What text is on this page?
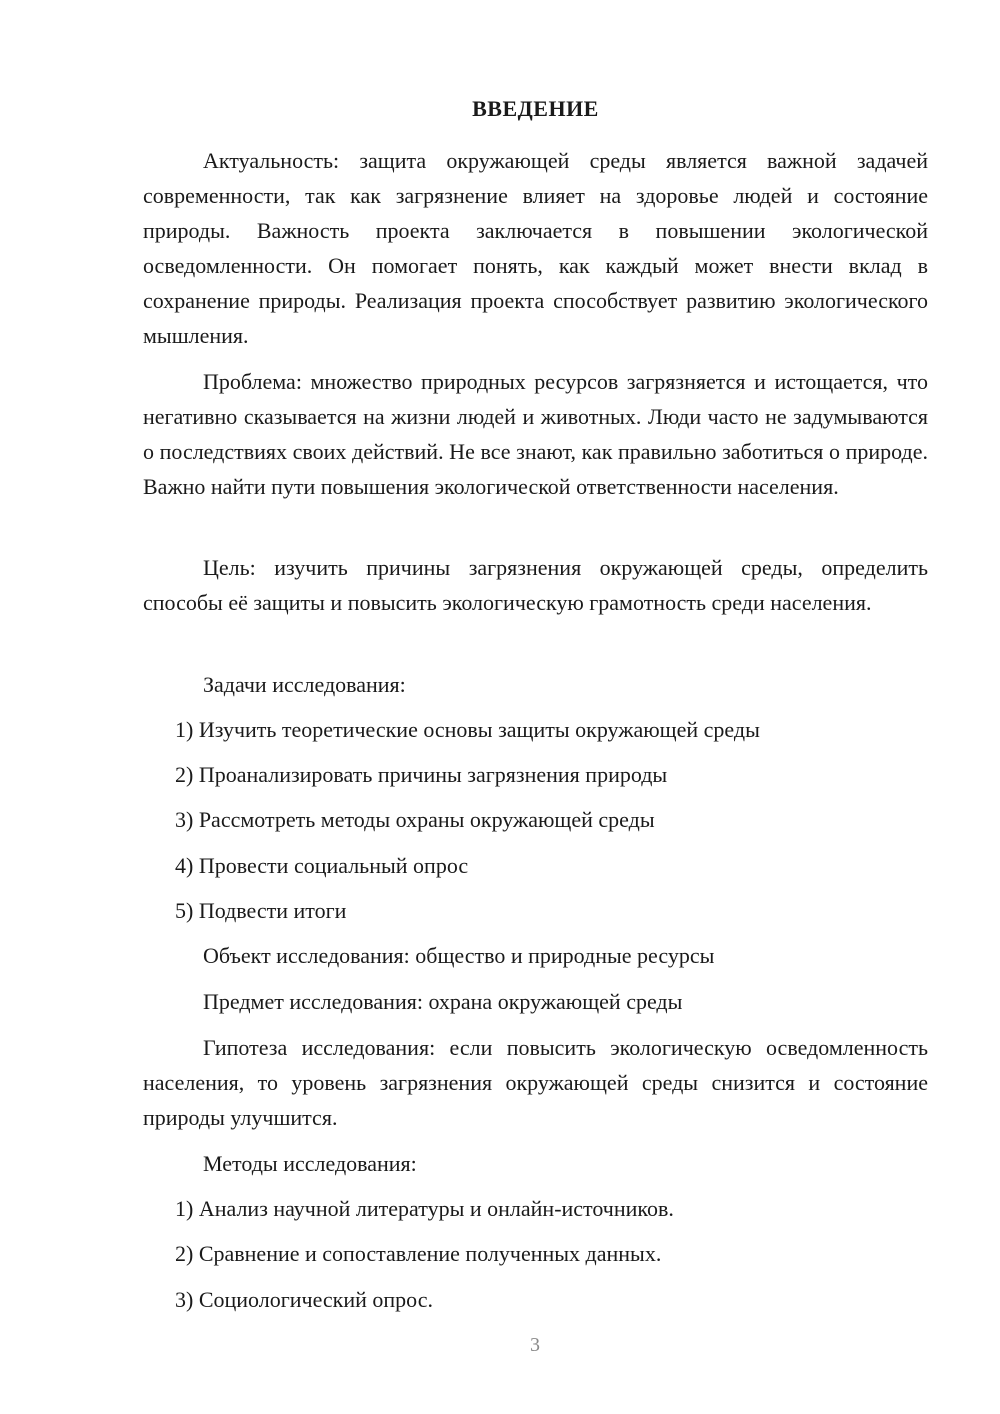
ВВЕДЕНИЕ

Актуальность: защита окружающей среды является важной задачей современности, так как загрязнение влияет на здоровье людей и состояние природы. Важность проекта заключается в повышении экологической осведомленности. Он помогает понять, как каждый может внести вклад в сохранение природы. Реализация проекта способствует развитию экологического мышления.

Проблема: множество природных ресурсов загрязняется и истощается, что негативно сказывается на жизни людей и животных. Люди часто не задумываются о последствиях своих действий. Не все знают, как правильно заботиться о природе. Важно найти пути повышения экологической ответственности населения.

Цель: изучить причины загрязнения окружающей среды, определить способы её защиты и повысить экологическую грамотность среди населения.

Задачи исследования:

1) Изучить теоретические основы защиты окружающей среды

2) Проанализировать причины загрязнения природы

3) Рассмотреть методы охраны окружающей среды

4) Провести социальный опрос

5) Подвести итоги

Объект исследования: общество и природные ресурсы

Предмет исследования: охрана окружающей среды

Гипотеза исследования: если повысить экологическую осведомленность населения, то уровень загрязнения окружающей среды снизится и состояние природы улучшится.

Методы исследования:

1) Анализ научной литературы и онлайн-источников.

2) Сравнение и сопоставление полученных данных.

3) Социологический опрос.

3
